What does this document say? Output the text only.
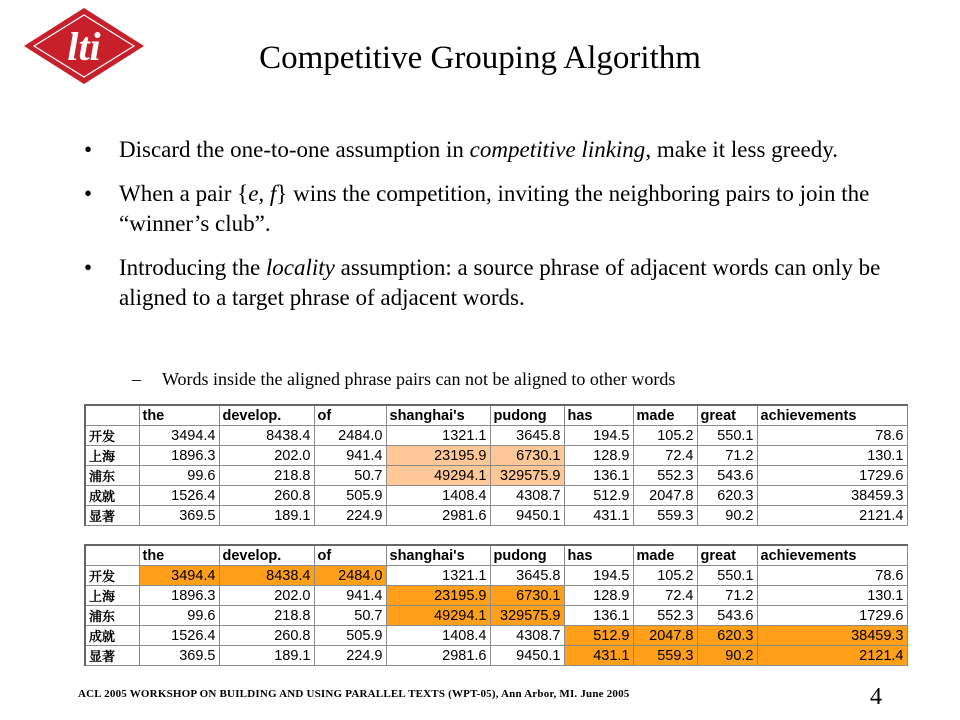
lti	Competitive Grouping Algorithm
• Discard the one-to-one assumption in competitive linking, make it less greedy.
• When a pair {e, f} wins the competition, inviting the neighboring pairs to join the “winner’s club”.
• Introducing the locality assumption: a source phrase of adjacent words can only be aligned to a target phrase of adjacent words.
– Words inside the aligned phrase pairs can not be aligned to other words
	the	develop.	of	shanghai's	pudong	has	made	great	achievements
开发	3494.4	8438.4	2484.0	1321.1	3645.8	194.5	105.2	550.1	78.6
上海	1896.3	202.0	941.4	23195.9	6730.1	128.9	72.4	71.2	130.1
浦东	99.6	218.8	50.7	49294.1	329575.9	136.1	552.3	543.6	1729.6
成就	1526.4	260.8	505.9	1408.4	4308.7	512.9	2047.8	620.3	38459.3
显著	369.5	189.1	224.9	2981.6	9450.1	431.1	559.3	90.2	2121.4
	the	develop.	of	shanghai's	pudong	has	made	great	achievements
开发	3494.4	8438.4	2484.0	1321.1	3645.8	194.5	105.2	550.1	78.6
上海	1896.3	202.0	941.4	23195.9	6730.1	128.9	72.4	71.2	130.1
浦东	99.6	218.8	50.7	49294.1	329575.9	136.1	552.3	543.6	1729.6
成就	1526.4	260.8	505.9	1408.4	4308.7	512.9	2047.8	620.3	38459.3
显著	369.5	189.1	224.9	2981.6	9450.1	431.1	559.3	90.2	2121.4
ACL 2005 WORKSHOP ON BUILDING AND USING PARALLEL TEXTS (WPT-05), Ann Arbor, MI. June 2005	4
